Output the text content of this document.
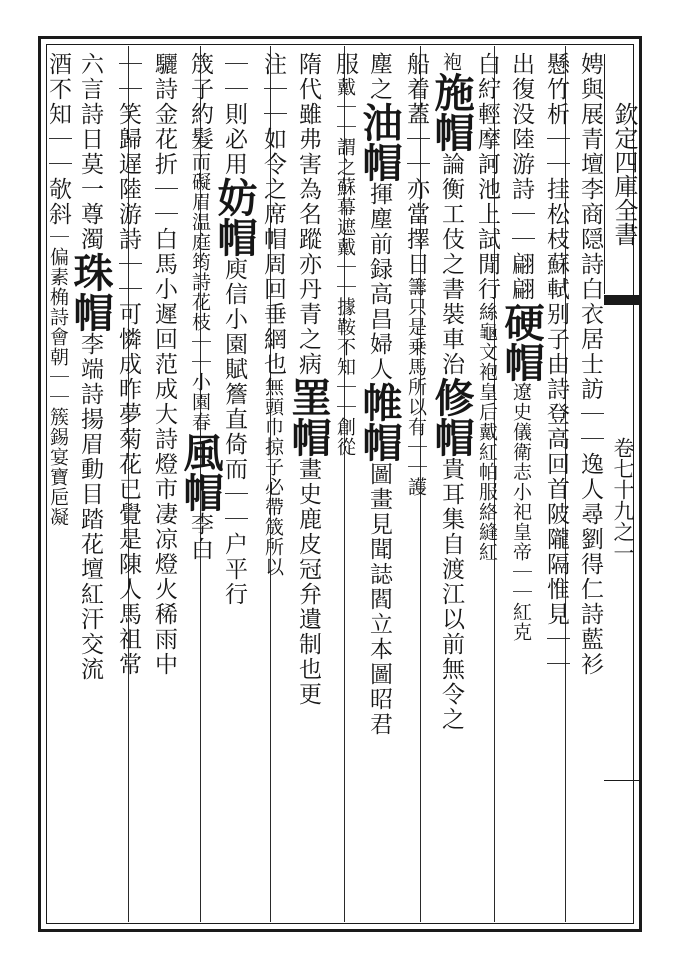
欽定四庫全書
卷七十九之一
娉與展青壇李商隠詩白衣居士訪｜｜逸人尋劉得仁詩藍衫
懸竹析｜｜挂松枝蘇軾别子由詩登高回首陂隴隔惟見｜｜
出復没陸游詩｜｜翩翩硬帽遼史儀衛志小祀皇帝｜｜紅克
白紵輕摩訶池上試閒行絲龜文袍皇后戴紅帕服絡縫紅
袍施帽論衡工伎之書裝車治修帽貴耳集自渡江以前無令之
船着蓋｜｜亦當擇日籌只是乗馬所以有｜｜護
塵之油帽揮塵前録高昌婦人帷帽圖畫見聞誌閻立本圖昭君
服戴｜｜謂之蘇幕遮戴｜｜據鞍不知｜｜創從
隋代雖弗害為名蹤亦丹青之病罣帽畫史鹿皮冠弁遺制也更
注｜｜如令之席帽周回垂網也無頭巾掠子必帶筬所以
｜｜則必用妨帽庾信小園賦簷直倚而｜｜户平行
筬子約髮而礙眉温庭筠詩花枝｜｜小園春風帽李白
驪詩金花折｜｜白馬小遲回范成大詩燈市凄凉燈火稀雨中
｜｜笑歸遅陸游詩｜｜可憐成昨夢菊花已覺是陳人馬祖常
六言詩日莫一尊濁珠帽李端詩揚眉動目踏花壇紅汗交流
酒不知｜｜欹斜｜偏素桷詩會朝｜｜簇錫宴寶巵凝
